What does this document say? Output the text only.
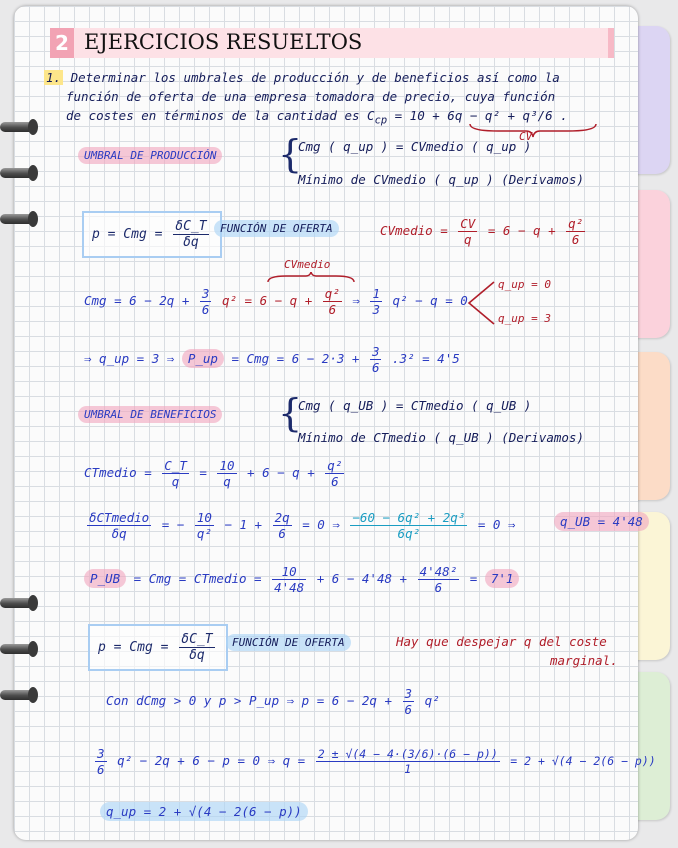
2 EJERCICIOS RESUELTOS
1. Determinar los umbrales de producción y de beneficios así como la
función de oferta de una empresa tomadora de precio, cuya función
de costes en términos de la cantidad es $C_{cp} = 10 + 6q - q^2 + q^3/6$ .
CV
UMBRAL DE PRODUCCIÓN {
Cmg ( q_up ) = CVmedio ( q_up )
Mínimo de CVmedio ( q_up ) (Derivamos)
p = Cmg = $\frac{\delta C\_T}{\delta q}$	FUNCIÓN DE OFERTA	CVmedio = $\frac{CV}{q} = 6 - q + \frac{\text{q²}}{6}$
CVmedio
Cmg = $6 - 2q + \frac{3}{6} q^2 = 6 - q + \frac{\text{q²}}{6}$ ⇒ $\frac{1}{3} q^2 - q = 0$
q_up = 0
q_up = 3
⇒ q_up = 3 ⇒ P_up = Cmg = $6 - 2\cdot 3 + \frac{3}{6} .3^2 = 4'5$
UMBRAL DE BENEFICIOS {
Cmg ( q_UB ) = CTmedio ( q_UB )
Mínimo de CTmedio ( q_UB ) (Derivamos)
CTmedio = $\frac{C\_T}{q} = \frac{10}{q} + 6 - q + \frac{\text{q²}}{6}$
$\frac{\text{δCTmedio}}{\delta q}$ = − $\frac{10}{\text{q²}} - 1 + \frac{2q}{6} = 0$ ⇒ $\frac{\text{−60 − 6q² + 2q³}}{\text{6q²}} = 0$ ⇒	q_UB = 4'48
P_UB = Cmg = CTmedio = $\frac{10}{4'48} + 6 - 4'48 + \frac{\text{4'48²}}{6} = 7'1$
p = Cmg = $\frac{\delta C\_T}{\delta q}$	FUNCIÓN DE OFERTA	Hay que despejar q del coste
marginal.
Con dCmg > 0 y p > P_up ⇒ $p = 6 - 2q + \frac{3}{6} q^2$
$\frac{3}{6} q^2 - 2q + 6 - p = 0$ ⇒ $q = \frac{2 \pm √(4 - 4\cdot(3/6)\cdot(6 - p))}{1} = 2 + √(4 - 2(6 - p))$
q_up = 2 + √(4 − 2(6 − p))
